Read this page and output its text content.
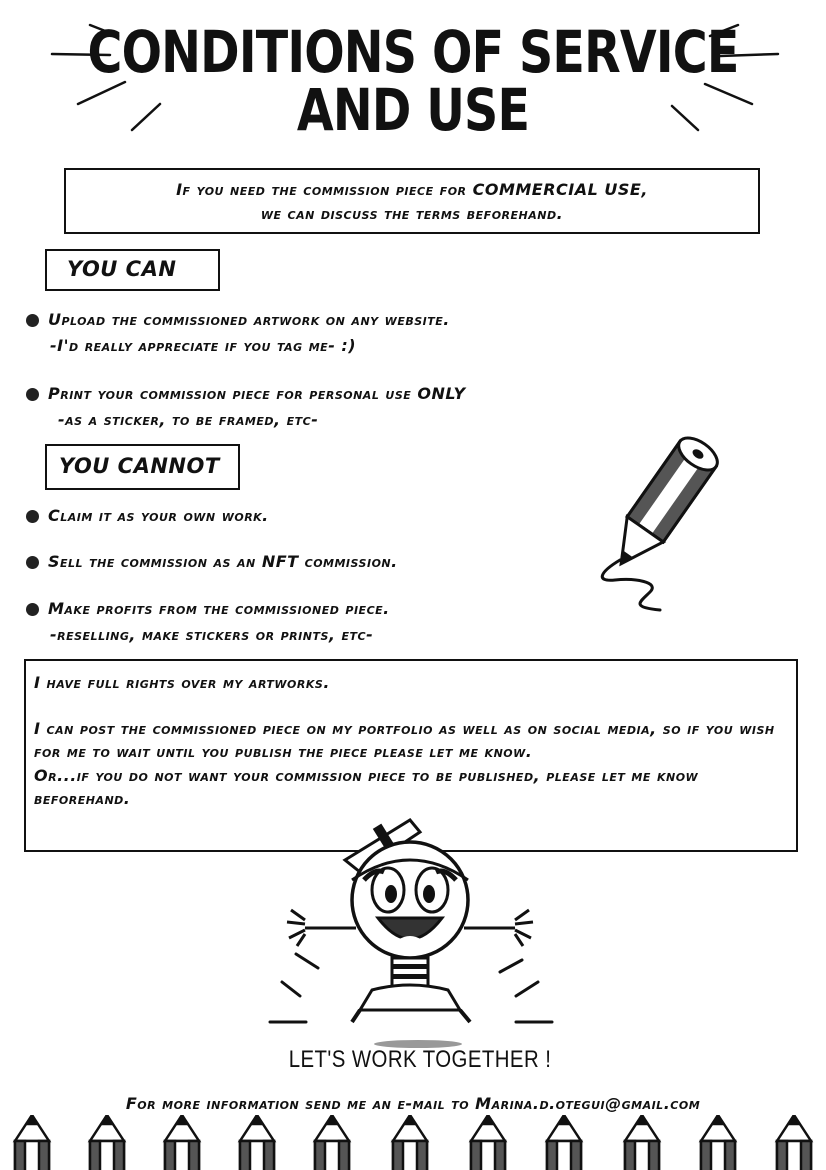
CONDITIONS OF SERVICE
AND USE
If you need the commission piece for COMMERCIAL USE,
we can discuss the terms beforehand.
YOU CAN
Upload the commissioned artwork on any website.
-I'd really appreciate if you tag me- :)
Print your commission piece for personal use ONLY
-as a sticker, to be framed, etc-
YOU CANNOT
Claim it as your own work.
Sell the commission as an NFT commission.
Make profits from the commissioned piece.
-reselling, make stickers or prints, etc-

I have full rights over my artworks.

I can post the commissioned piece on my portfolio as well as on social media, so if you wish for me to wait until you publish the piece please let me know.

Or...if you do not want your commission piece to be published, please let me know beforehand.

LET'S WORK TOGETHER !
For more information send me an e-mail to Marina.d.otegui@gmail.com
